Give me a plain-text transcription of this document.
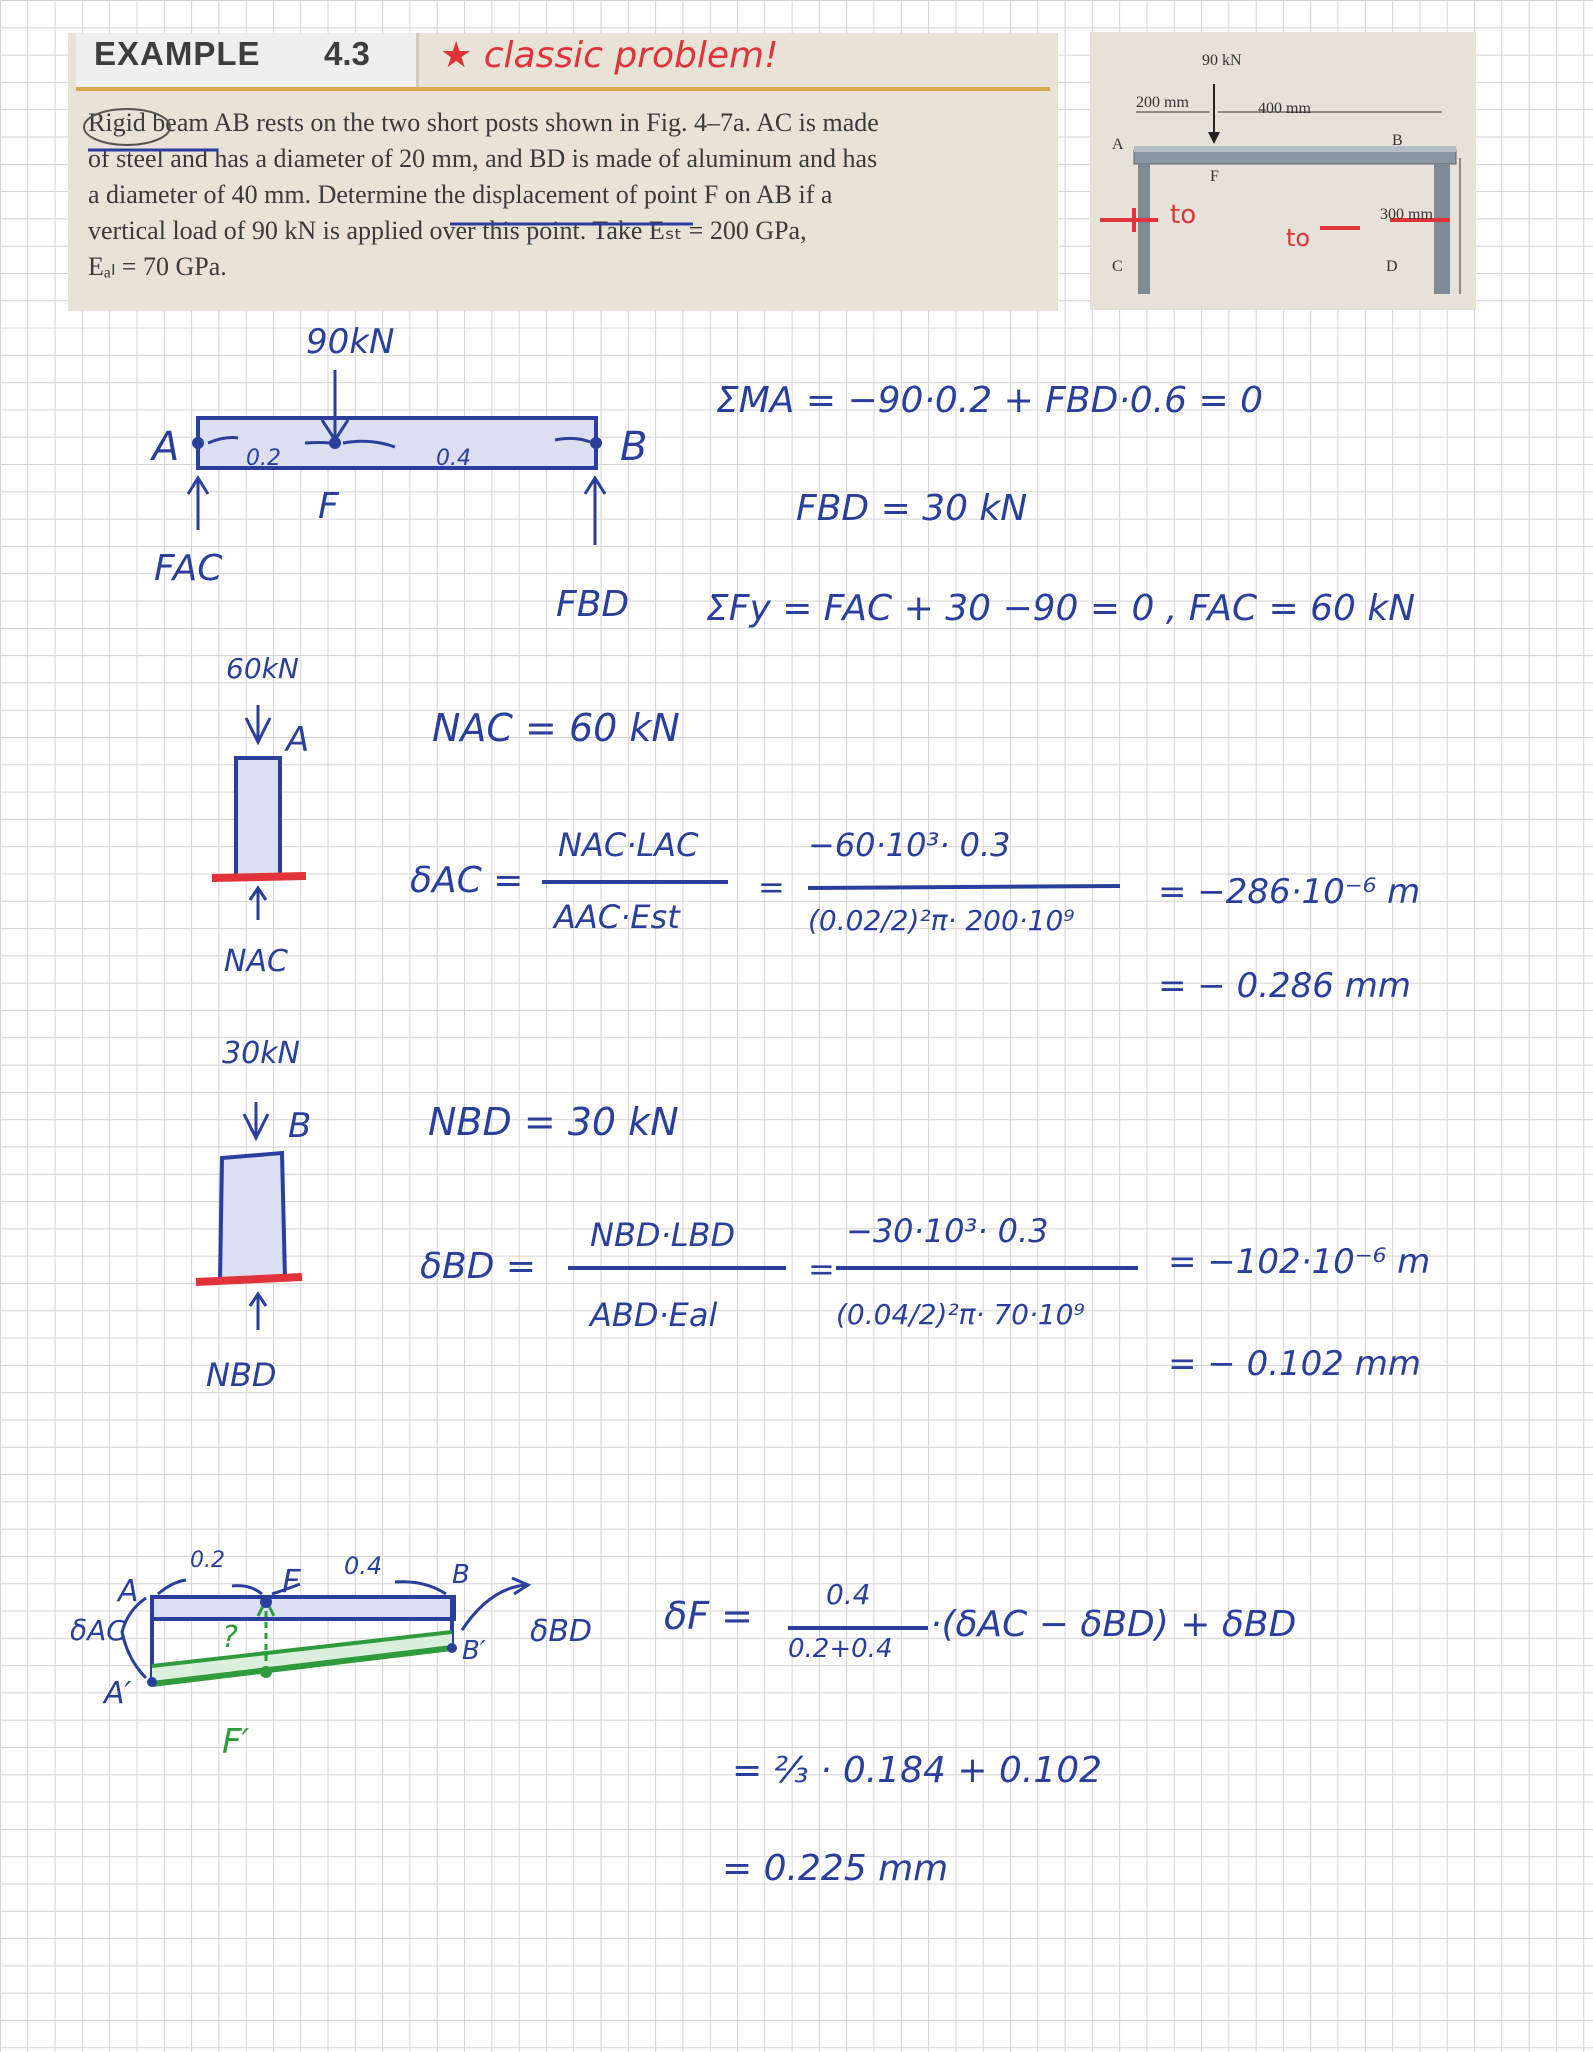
EXAMPLE 4.3 ★ classic problem!
Rigid beam AB rests on the two short posts shown in Fig. 4–7a. AC is made
of steel and has a diameter of 20 mm, and BD is made of aluminum and has
a diameter of 40 mm. Determine the displacement of point F on AB if a
vertical load of 90 kN is applied over this point. Take Eₛₜ = 200 GPa,
Eₐₗ = 70 GPa.
90 kN
200 mm	400 mm
300 mm
A	B
C	D
F
to
to
90kN
A	B
F
0.2	0.4
FAC
FBD
ΣMA = −90·0.2 + FBD·0.6 = 0
FBD = 30 kN
ΣFy = FAC + 30 −90 = 0 , FAC = 60 kN
60kN
A
NAC
NAC = 60 kN
δAC =
NAC·LAC
AAC·Est
=
−60·10³· 0.3
(0.02/2)²π· 200·10⁹
= −286·10⁻⁶ m
= − 0.286 mm
30kN
B
NBD
NBD = 30 kN
δBD =
NBD·LBD
ABD·Eal
=
−30·10³· 0.3
(0.04/2)²π· 70·10⁹
= −102·10⁻⁶ m
= − 0.102 mm
A
A′
B
B′
F
F′
?
0.2	0.4
δAC	δBD δF =	0.4
0.2+0.4
·(δAC − δBD) + δBD
= ⅔ · 0.184 + 0.102
= 0.225 mm
